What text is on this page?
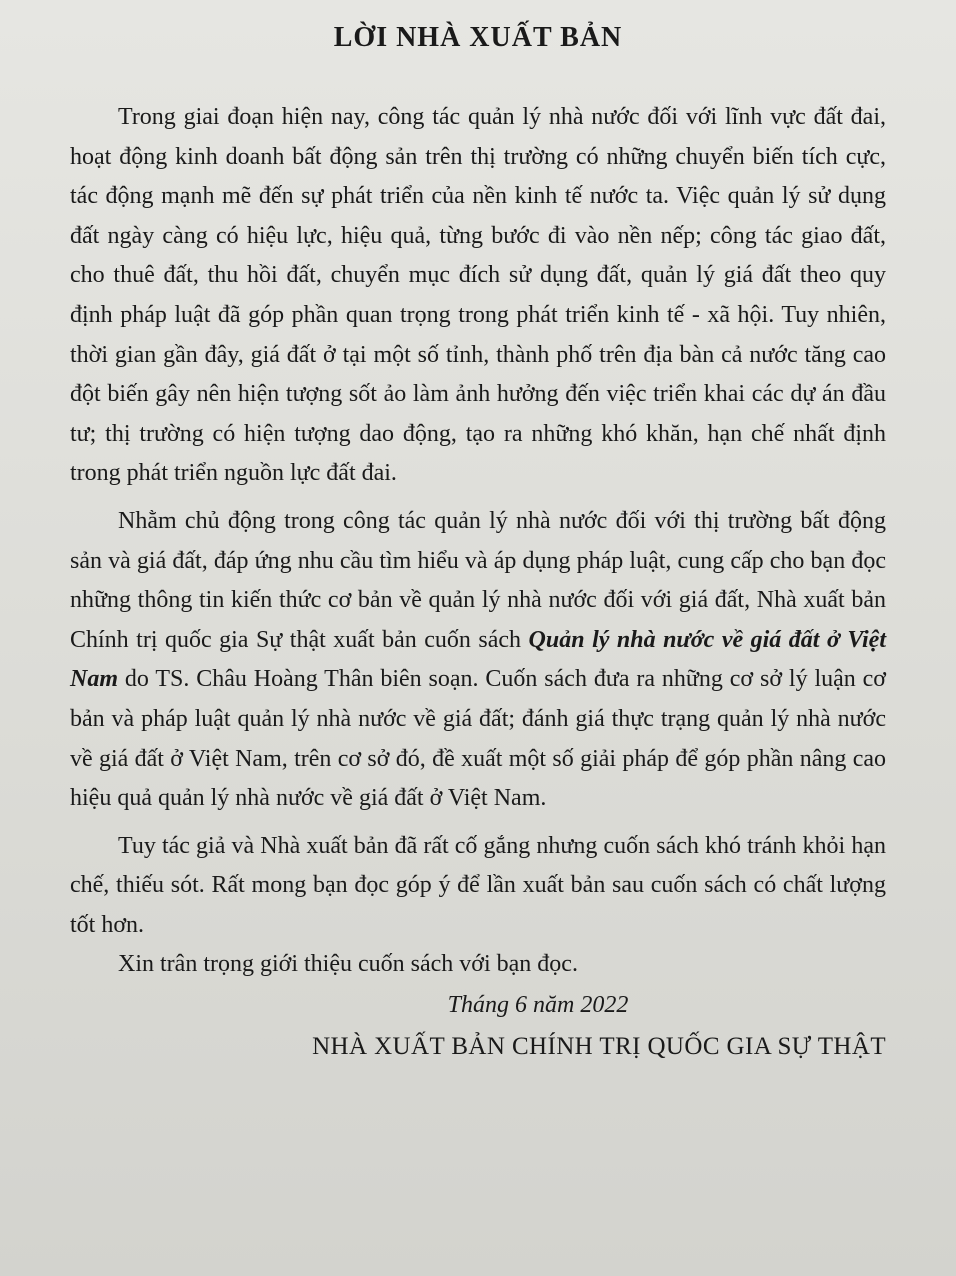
LỜI NHÀ XUẤT BẢN

Trong giai đoạn hiện nay, công tác quản lý nhà nước đối với lĩnh vực đất đai, hoạt động kinh doanh bất động sản trên thị trường có những chuyển biến tích cực, tác động mạnh mẽ đến sự phát triển của nền kinh tế nước ta. Việc quản lý sử dụng đất ngày càng có hiệu lực, hiệu quả, từng bước đi vào nền nếp; công tác giao đất, cho thuê đất, thu hồi đất, chuyển mục đích sử dụng đất, quản lý giá đất theo quy định pháp luật đã góp phần quan trọng trong phát triển kinh tế - xã hội. Tuy nhiên, thời gian gần đây, giá đất ở tại một số tỉnh, thành phố trên địa bàn cả nước tăng cao đột biến gây nên hiện tượng sốt ảo làm ảnh hưởng đến việc triển khai các dự án đầu tư; thị trường có hiện tượng dao động, tạo ra những khó khăn, hạn chế nhất định trong phát triển nguồn lực đất đai.

Nhằm chủ động trong công tác quản lý nhà nước đối với thị trường bất động sản và giá đất, đáp ứng nhu cầu tìm hiểu và áp dụng pháp luật, cung cấp cho bạn đọc những thông tin kiến thức cơ bản về quản lý nhà nước đối với giá đất, Nhà xuất bản Chính trị quốc gia Sự thật xuất bản cuốn sách Quản lý nhà nước về giá đất ở Việt Nam do TS. Châu Hoàng Thân biên soạn. Cuốn sách đưa ra những cơ sở lý luận cơ bản và pháp luật quản lý nhà nước về giá đất; đánh giá thực trạng quản lý nhà nước về giá đất ở Việt Nam, trên cơ sở đó, đề xuất một số giải pháp để góp phần nâng cao hiệu quả quản lý nhà nước về giá đất ở Việt Nam.

Tuy tác giả và Nhà xuất bản đã rất cố gắng nhưng cuốn sách khó tránh khỏi hạn chế, thiếu sót. Rất mong bạn đọc góp ý để lần xuất bản sau cuốn sách có chất lượng tốt hơn.

Xin trân trọng giới thiệu cuốn sách với bạn đọc.

Tháng 6 năm 2022

NHÀ XUẤT BẢN CHÍNH TRỊ QUỐC GIA SỰ THẬT
